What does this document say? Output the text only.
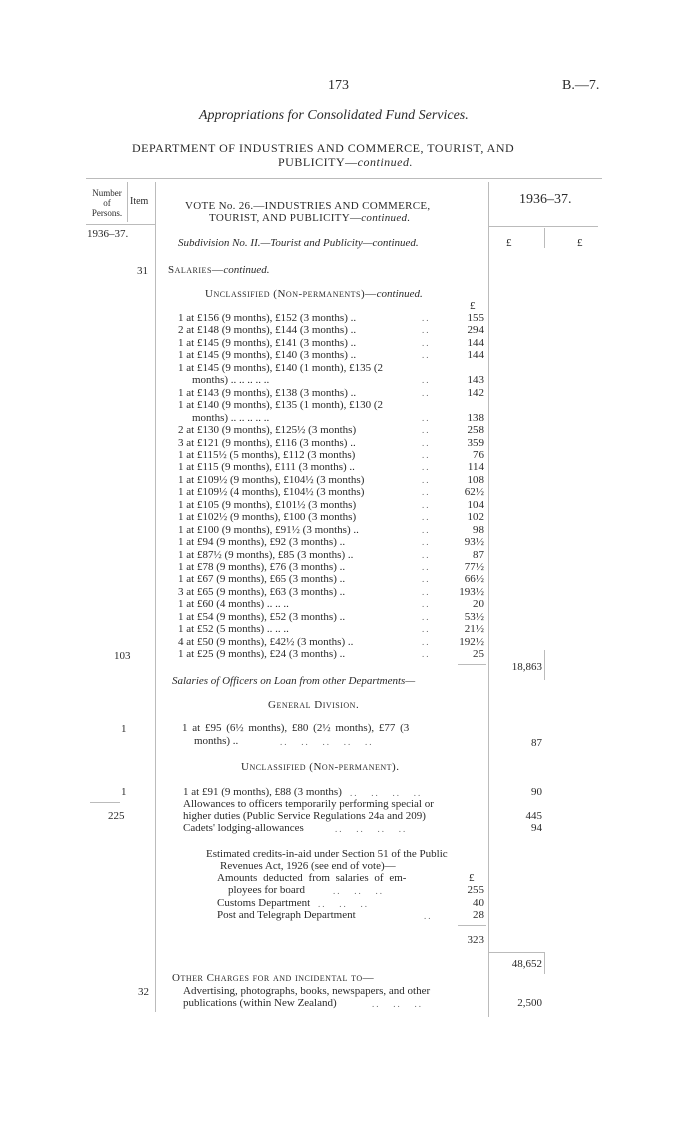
173	B.—7.
Appropriations for Consolidated Fund Services.
DEPARTMENT OF INDUSTRIES AND COMMERCE, TOURIST, AND
PUBLICITY—continued.
Number
of
Persons.
Item	VOTE No. 26.—INDUSTRIES AND COMMERCE,
TOURIST, AND PUBLICITY—continued.
1936–37.
1936–37.
£	£
Subdivision No. II.—Tourist and Publicity—continued.
31 Salaries—continued.
Unclassified (Non-permanents)—continued.
£
1 at £156 (9 months), £152 (3 months) ..	..	155
2 at £148 (9 months), £144 (3 months) ..	..	294
1 at £145 (9 months), £141 (3 months) ..	..	144
1 at £145 (9 months), £140 (3 months) ..	..	144
1 at £145 (9 months), £140 (1 month), £135 (2
months) .. .. .. .. ..	..	143
1 at £143 (9 months), £138 (3 months) ..	..	142
1 at £140 (9 months), £135 (1 month), £130 (2
months) .. .. .. .. ..	..	138
2 at £130 (9 months), £125½ (3 months)	..	258
3 at £121 (9 months), £116 (3 months) ..	..	359
1 at £115½ (5 months), £112 (3 months)	..	76
1 at £115 (9 months), £111 (3 months) ..	..	114
1 at £109½ (9 months), £104½ (3 months)	..	108
1 at £109½ (4 months), £104½ (3 months)	..	62½
1 at £105 (9 months), £101½ (3 months)	..	104
1 at £102½ (9 months), £100 (3 months)	..	102
1 at £100 (9 months), £91½ (3 months) ..	..	98
1 at £94 (9 months), £92 (3 months) ..	..	93½
1 at £87½ (9 months), £85 (3 months) ..	..	87
1 at £78 (9 months), £76 (3 months) ..	..	77½
1 at £67 (9 months), £65 (3 months) ..	..	66½
3 at £65 (9 months), £63 (3 months) ..	..	193½
1 at £60 (4 months) .. .. ..	..	20
1 at £54 (9 months), £52 (3 months) ..	..	53½
1 at £52 (5 months) .. .. ..	..	21½
4 at £50 (9 months), £42½ (3 months) ..	..	192½
1 at £25 (9 months), £24 (3 months) ..	..	25
103
18,863
Salaries of Officers on Loan from other Departments—
General Division.
1	1 at £95 (6½ months), £80 (2½ months), £77 (3
months) ..	..   ..   ..   ..   ..	87
Unclassified (Non-permanent).
1	1 at £91 (9 months), £88 (3 months) ..   ..   ..   ..	90
Allowances to officers temporarily performing special or
higher duties (Public Service Regulations 24a and 209)
225	445
Cadets' lodging-allowances	..   ..   ..   ..	94
Estimated credits-in-aid under Section 51 of the Public
Revenues Act, 1926 (see end of vote)—
Amounts deducted from salaries of em-	£
ployees for board	..   ..   ..	255
Customs Department ..   ..   ..	40
Post and Telegraph Department	..	28
323
48,652
Other Charges for and incidental to—
32	Advertising, photographs, books, newspapers, and other
publications (within New Zealand)	..   ..   ..	2,500
